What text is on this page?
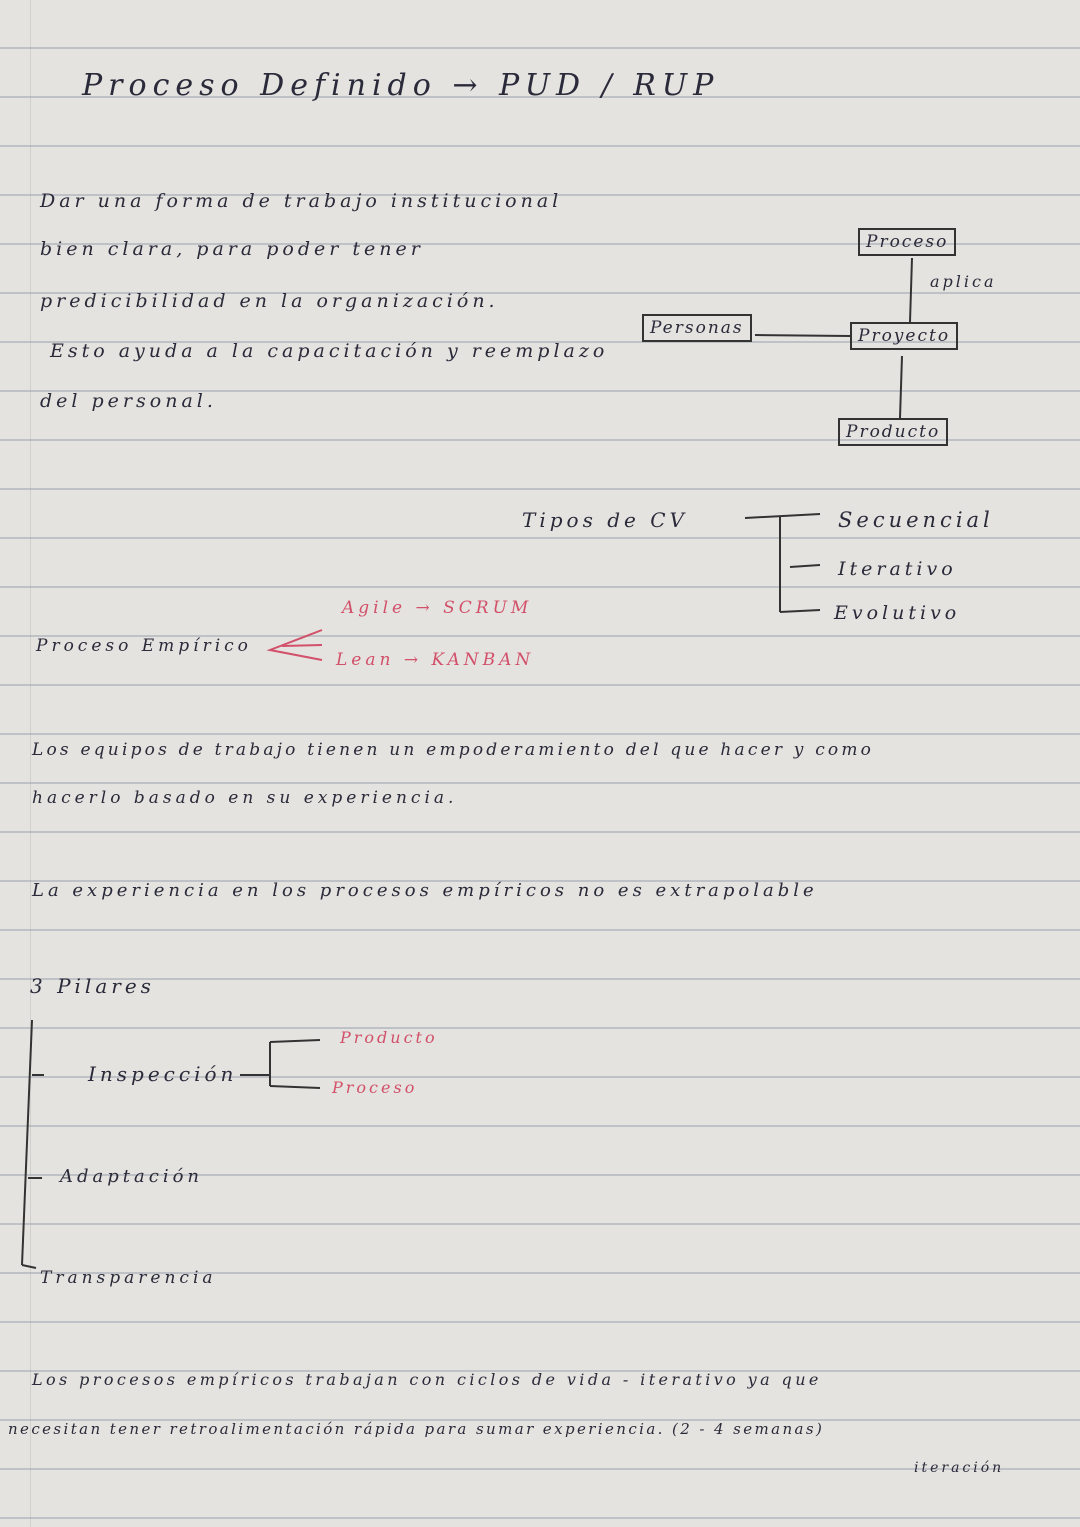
Proceso Definido → PUD / RUP
Dar una forma de trabajo institucional
bien clara, para poder tener
predicibilidad en la organización.
Esto ayuda a la capacitación y reemplazo
del personal.
Proceso
aplica
Personas	Proyecto
Producto
Tipos de CV	Secuencial
Iterativo
Evolutivo
Proceso Empírico
Agile → SCRUM
Lean → KANBAN
Los equipos de trabajo tienen un empoderamiento del que hacer y como
hacerlo basado en su experiencia.
La experiencia en los procesos empíricos no es extrapolable
3 Pilares
Inspección
Producto
Proceso
Adaptación
Transparencia
Los procesos empíricos trabajan con ciclos de vida - iterativo ya que
necesitan tener retroalimentación rápida para sumar experiencia. (2 - 4 semanas)
iteración
